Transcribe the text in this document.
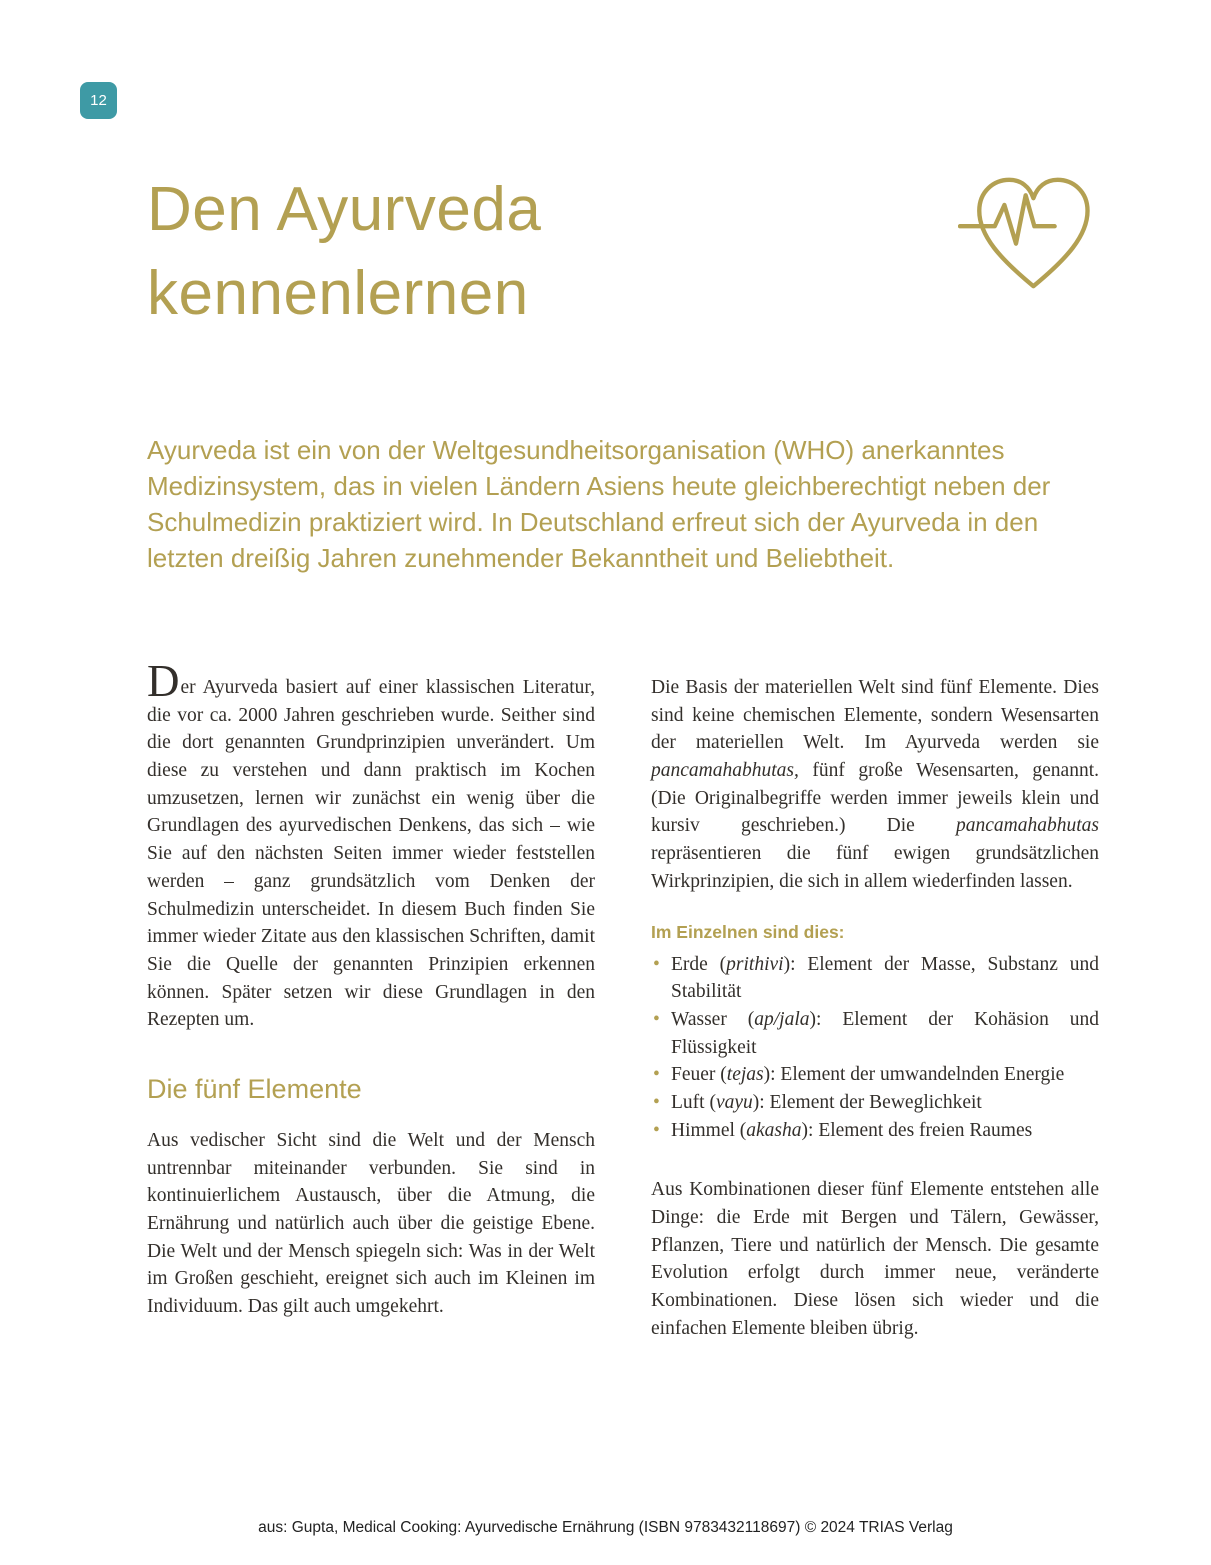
12
Den Ayurveda
kennenlernen
Ayurveda ist ein von der Weltgesundheitsorganisation (WHO) anerkanntes Medizinsystem, das in vielen Ländern Asiens heute gleichberechtigt neben der Schulmedizin praktiziert wird. In Deutschland erfreut sich der Ayurveda in den letzten dreißig Jahren zunehmender Bekanntheit und Beliebtheit.

Der Ayurveda basiert auf einer klassischen Literatur, die vor ca. 2000 Jahren geschrieben wurde. Seither sind die dort genannten Grundprinzipien unverändert. Um diese zu verstehen und dann praktisch im Kochen umzusetzen, lernen wir zunächst ein wenig über die Grundlagen des ayurvedischen Denkens, das sich – wie Sie auf den nächsten Seiten immer wieder feststellen werden – ganz grundsätzlich vom Denken der Schulmedizin unterscheidet. In diesem Buch finden Sie immer wieder Zitate aus den klassischen Schriften, damit Sie die Quelle der genannten Prinzipien erkennen können. Später setzen wir diese Grundlagen in den Rezepten um.

Die fünf Elemente

Aus vedischer Sicht sind die Welt und der Mensch untrennbar miteinander verbunden. Sie sind in kontinuierlichem Austausch, über die Atmung, die Ernährung und natürlich auch über die geistige Ebene. Die Welt und der Mensch spiegeln sich: Was in der Welt im Großen geschieht, ereignet sich auch im Kleinen im Individuum. Das gilt auch umgekehrt.

Die Basis der materiellen Welt sind fünf Elemente. Dies sind keine chemischen Elemente, sondern Wesensarten der materiellen Welt. Im Ayurveda werden sie pancamahabhutas, fünf große Wesensarten, genannt. (Die Originalbegriffe werden immer jeweils klein und kursiv geschrieben.) Die pancamahabhutas repräsentieren die fünf ewigen grundsätzlichen Wirkprinzipien, die sich in allem wiederfinden lassen.

Im Einzelnen sind dies:
• Erde (prithivi): Element der Masse, Substanz und Stabilität
• Wasser (ap/jala): Element der Kohäsion und Flüssigkeit
• Feuer (tejas): Element der umwandelnden Energie
• Luft (vayu): Element der Beweglichkeit
• Himmel (akasha): Element des freien Raumes

Aus Kombinationen dieser fünf Elemente entstehen alle Dinge: die Erde mit Bergen und Tälern, Gewässer, Pflanzen, Tiere und natürlich der Mensch. Die gesamte Evolution erfolgt durch immer neue, veränderte Kombinationen. Diese lösen sich wieder und die einfachen Elemente bleiben übrig.

aus: Gupta, Medical Cooking: Ayurvedische Ernährung (ISBN 9783432118697) © 2024 TRIAS Verlag
